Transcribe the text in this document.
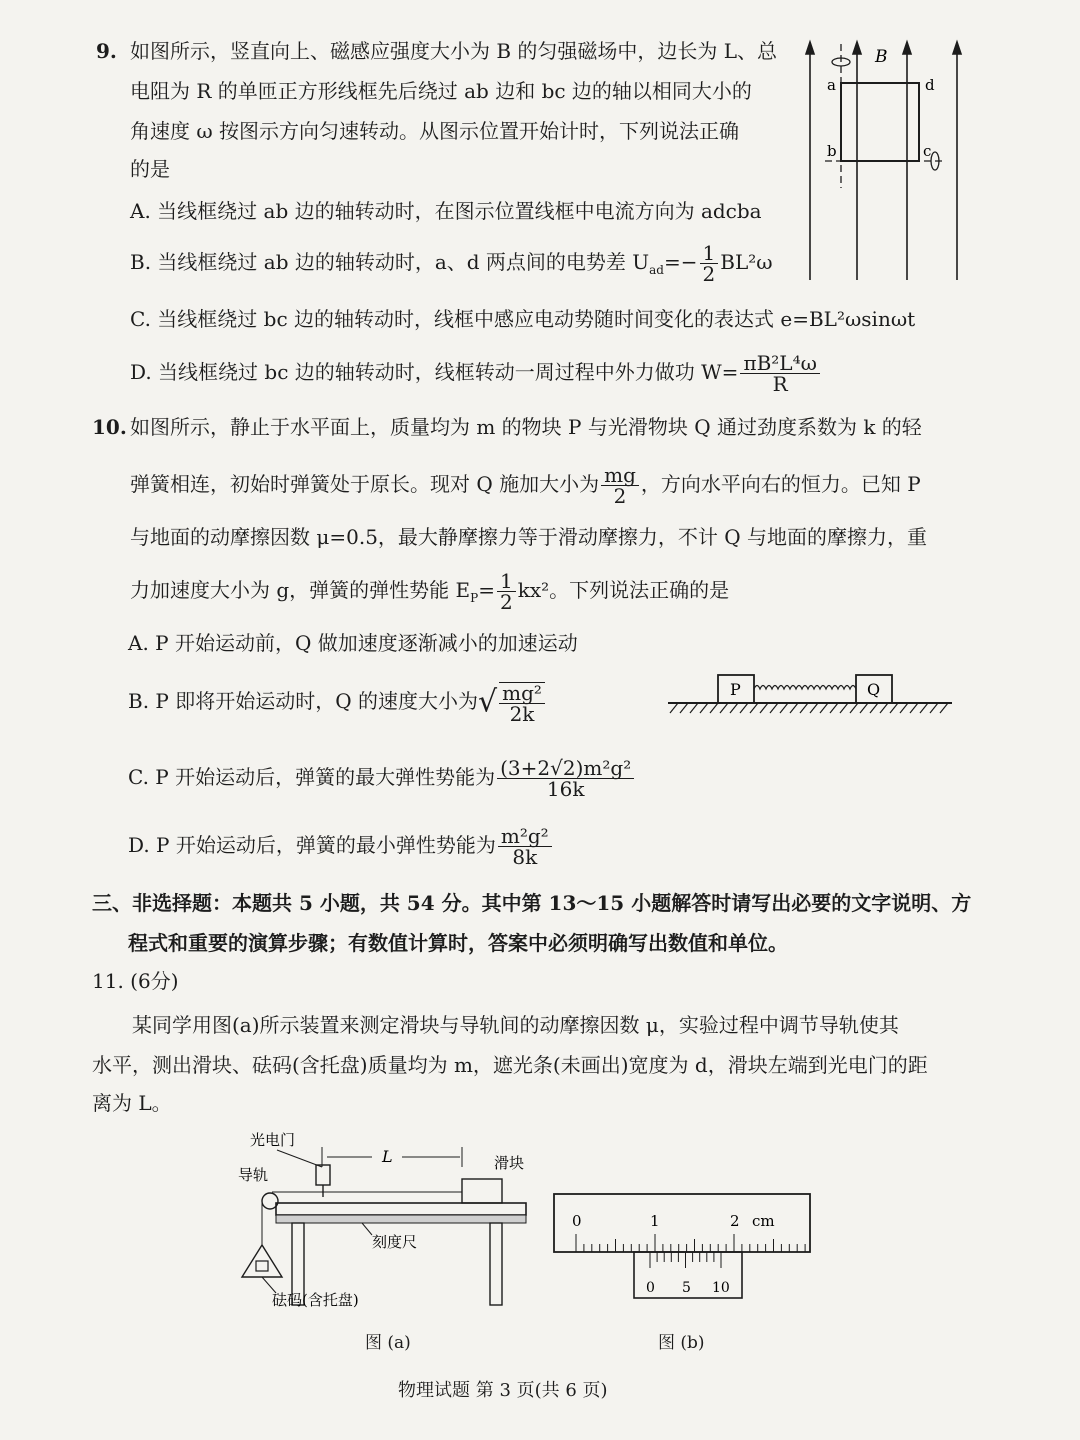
9. 如图所示，竖直向上、磁感应强度大小为 B 的匀强磁场中，边长为 L、总
电阻为 R 的单匝正方形线框先后绕过 ab 边和 bc 边的轴以相同大小的
角速度 ω 按图示方向匀速转动。从图示位置开始计时，下列说法正确
的是
A. 当线框绕过 ab 边的轴转动时，在图示位置线框中电流方向为 adcba
B. 当线框绕过 ab 边的轴转动时，a、d 两点间的电势差 $U_{ad}=- \frac{1}{2} BL^2\omega$
C. 当线框绕过 bc 边的轴转动时，线框中感应电动势随时间变化的表达式 e=BL²ωsinωt
D. 当线框绕过 bc 边的轴转动时，线框转动一周过程中外力做功 $W= \frac{\text{πB²L⁴ω}}{R}$
B
a	d
b	c
10. 如图所示，静止于水平面上，质量均为 m 的物块 P 与光滑物块 Q 通过劲度系数为 k 的轻
弹簧相连，初始时弹簧处于原长。现对 Q 施加大小为 $\frac{mg}{2}$ ，方向水平向右的恒力。已知 P
与地面的动摩擦因数 μ=0.5，最大静摩擦力等于滑动摩擦力，不计 Q 与地面的摩擦力，重
力加速度大小为 g，弹簧的弹性势能 $E_P= \frac{1}{2} kx^2$。下列说法正确的是
A. P 开始运动前，Q 做加速度逐渐减小的加速运动
B. P 即将开始运动时，Q 的速度大小为√ $\frac{\text{mg²}}{2k}$
C. P 开始运动后，弹簧的最大弹性势能为 $\frac{\text{(3+2√2)m²g²}}{16k}$
D. P 开始运动后，弹簧的最小弹性势能为 $\frac{\text{m²g²}}{8k}$
P	Q
三、非选择题：本题共 5 小题，共 54 分。其中第 13～15 小题解答时请写出必要的文字说明、方
程式和重要的演算步骤；有数值计算时，答案中必须明确写出数值和单位。
11. (6分)
某同学用图(a)所示装置来测定滑块与导轨间的动摩擦因数 μ，实验过程中调节导轨使其
水平，测出滑块、砝码(含托盘)质量均为 m，遮光条(未画出)宽度为 d，滑块左端到光电门的距
离为 L。
光电门
L	滑块
导轨
刻度尺
砝码(含托盘)
图 (a)
0	1	2 cm
0 5 10
图 (b)
物理试题 第 3 页(共 6 页)
